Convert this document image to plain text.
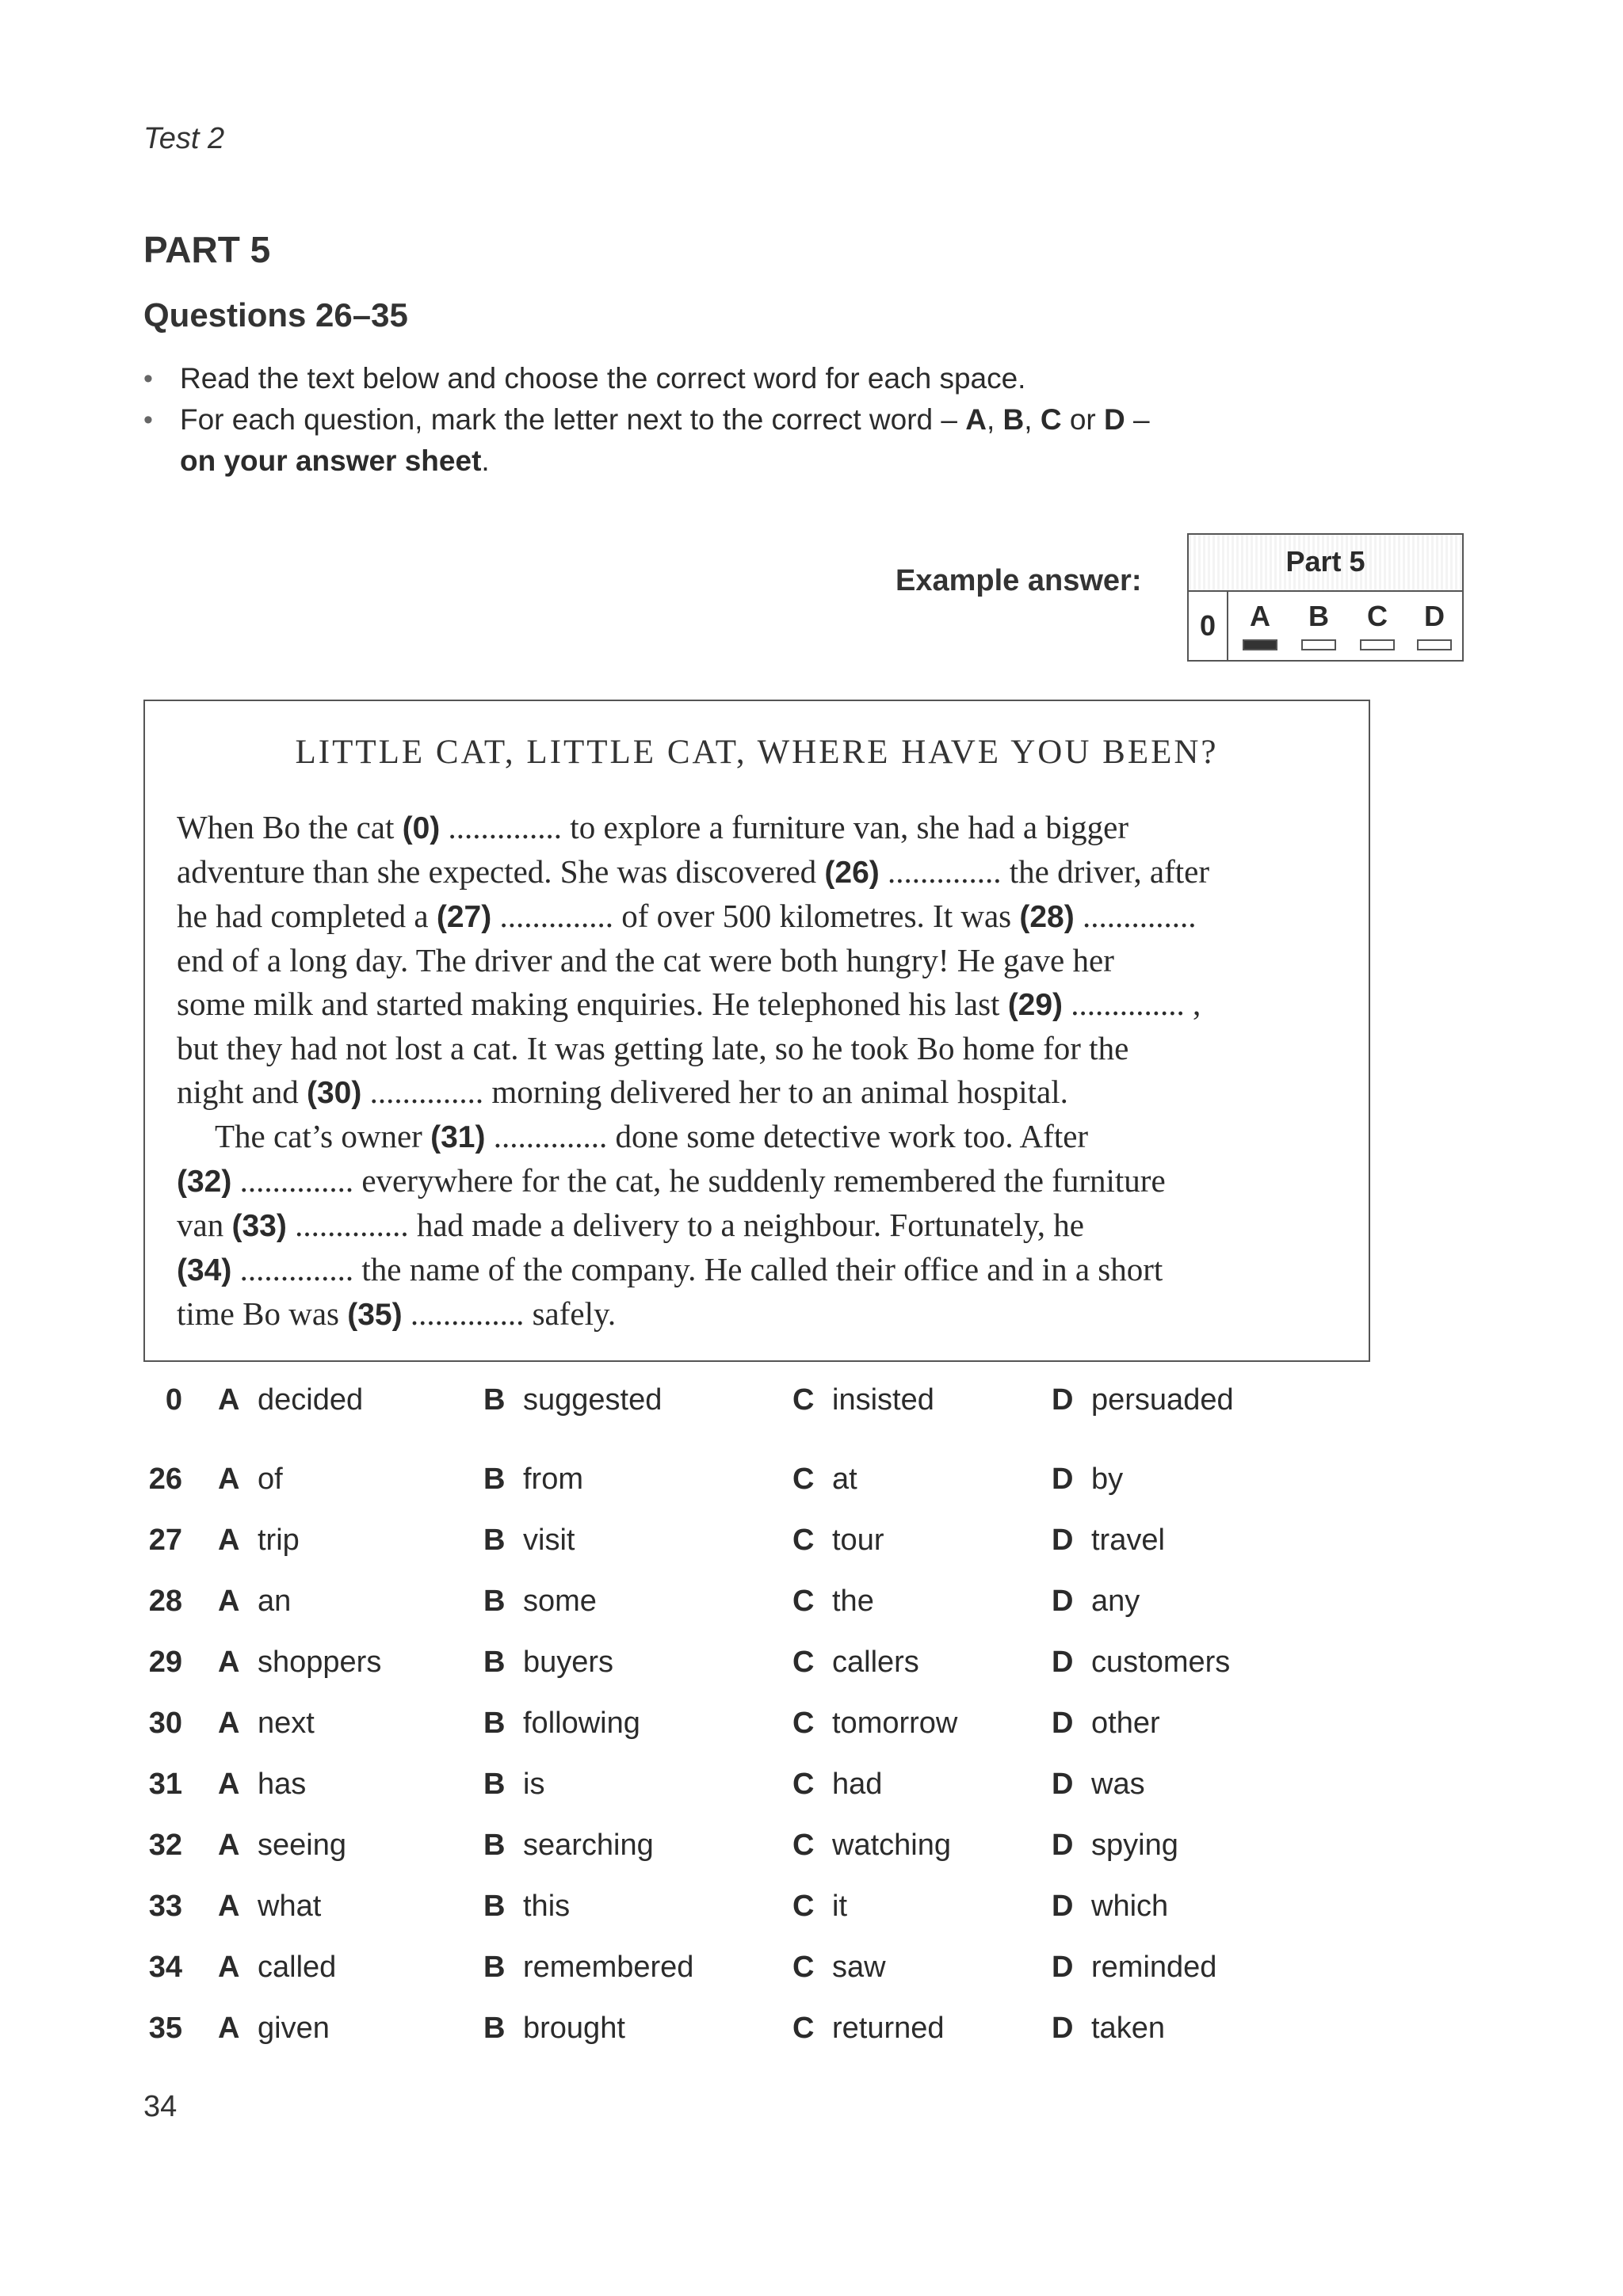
Test 2
PART 5
Questions 26–35
• Read the text below and choose the correct word for each space.
• For each question, mark the letter next to the correct word – A, B, C or D –
on your answer sheet.
Example answer:
Part 5
0	A	B	C	D
LITTLE CAT, LITTLE CAT, WHERE HAVE YOU BEEN?
When Bo the cat (0) .............. to explore a furniture van, she had a bigger
adventure than she expected. She was discovered (26) .............. the driver, after
he had completed a (27) .............. of over 500 kilometres. It was (28) ..............
end of a long day. The driver and the cat were both hungry! He gave her
some milk and started making enquiries. He telephoned his last (29) .............. ,
but they had not lost a cat. It was getting late, so he took Bo home for the
night and (30) .............. morning delivered her to an animal hospital.
The cat’s owner (31) .............. done some detective work too. After
(32) .............. everywhere for the cat, he suddenly remembered the furniture
van (33) .............. had made a delivery to a neighbour. Fortunately, he
(34) .............. the name of the company. He called their office and in a short
time Bo was (35) .............. safely.
0 A decided	B suggested	C insisted	D persuaded
26 A of	B from	C at	D by
27 A trip	B visit	C tour	D travel
28 A an	B some	C the	D any
29 A shoppers	B buyers	C callers	D customers
30 A next	B following	C tomorrow	D other
31 A has	B is	C had	D was
32 A seeing	B searching	C watching	D spying
33 A what	B this	C it	D which
34 A called	B remembered	C saw	D reminded
35 A given	B brought	C returned	D taken
34
